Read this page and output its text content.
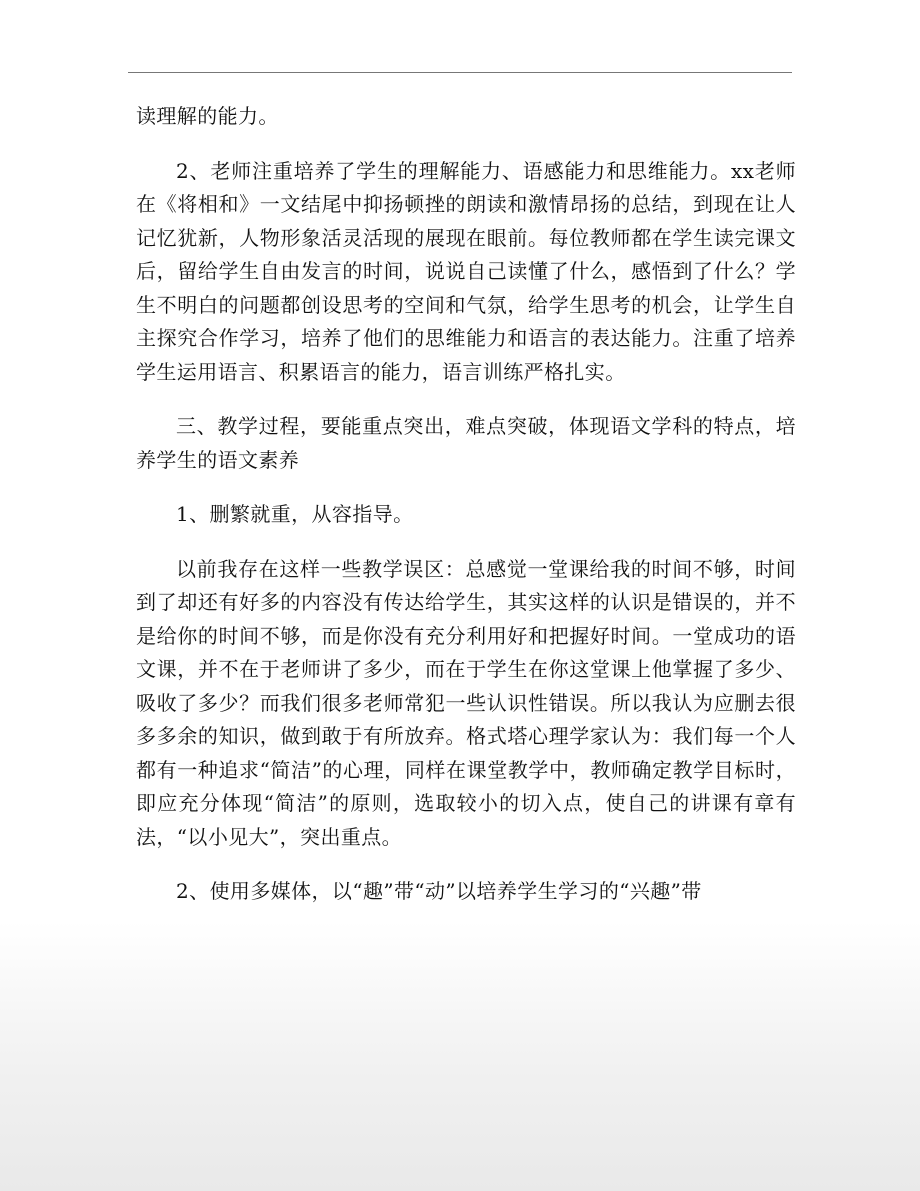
读理解的能力。

2、老师注重培养了学生的理解能力、语感能力和思维能力。xx老师在《将相和》一文结尾中抑扬顿挫的朗读和激情昂扬的总结，到现在让人记忆犹新，人物形象活灵活现的展现在眼前。每位教师都在学生读完课文后，留给学生自由发言的时间，说说自己读懂了什么，感悟到了什么？学生不明白的问题都创设思考的空间和气氛，给学生思考的机会，让学生自主探究合作学习，培养了他们的思维能力和语言的表达能力。注重了培养学生运用语言、积累语言的能力，语言训练严格扎实。

三、教学过程，要能重点突出，难点突破，体现语文学科的特点，培养学生的语文素养

1、删繁就重，从容指导。

以前我存在这样一些教学误区：总感觉一堂课给我的时间不够，时间到了却还有好多的内容没有传达给学生，其实这样的认识是错误的，并不是给你的时间不够，而是你没有充分利用好和把握好时间。一堂成功的语文课，并不在于老师讲了多少，而在于学生在你这堂课上他掌握了多少、吸收了多少？而我们很多老师常犯一些认识性错误。所以我认为应删去很多多余的知识，做到敢于有所放弃。格式塔心理学家认为：我们每一个人都有一种追求“简洁”的心理，同样在课堂教学中，教师确定教学目标时，即应充分体现“简洁”的原则，选取较小的切入点，使自己的讲课有章有法，“以小见大”，突出重点。

2、使用多媒体，以“趣”带“动”以培养学生学习的“兴趣”带
